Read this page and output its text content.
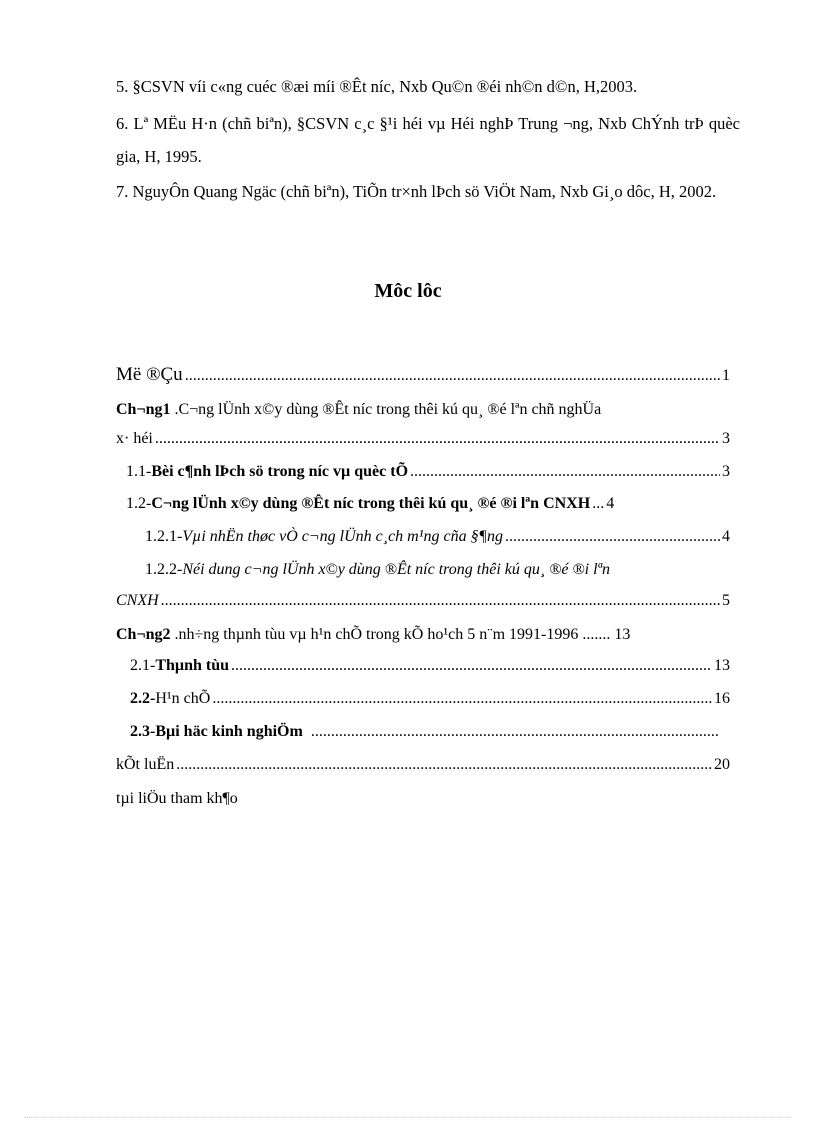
5. §CSVN víi c«ng cuéc ®æi míi ®Êt níc, Nxb Qu©n ®éi nh©n d©n, H,2003.
6. Lª MËu H·n (chñ biªn), §CSVN c¸c §¹i héi vµ Héi nghÞ Trung ¬ng, Nxb ChÝnh trÞ quèc gia, H, 1995.
7. NguyÔn Quang Ngäc (chñ biªn), TiÕn tr×nh lÞch sö ViÖt Nam, Nxb Gi¸o dôc, H, 2002.
Môc lôc
Më ®Çu .....	1
Ch¬ng1 .C¬ng lÜnh x©y dùng ®Êt níc trong thêi kú qu¸ ®é lªn chñ nghÜa
x· héi .....	3
1.1-Bèi c¶nh lÞch sö trong níc vµ quèc tÕ .....	3
1.2-C¬ng lÜnh x©y dùng ®Êt níc trong thêi kú qu¸ ®é ®i lªn CNXH ... 4
1.2.1-Vµi nhËn thøc vÒ c¬ng lÜnh c¸ch m¹ng cña §¶ng .....	4
1.2.2-Néi dung c¬ng lÜnh x©y dùng ®Êt níc trong thêi kú qu¸ ®é ®i lªn
CNXH .....	5
Ch¬ng2 .nh÷ng thµnh tùu vµ h¹n chÕ trong kÕ ho¹ch 5 n¨m 1991-1996 ....... 13
2.1-Thµnh tùu .....	13
2.2-H¹n chÕ .....	16
2.3-Bµi häc kinh nghiÖm
.....
kÕt luËn .....	20
tµi liÖu tham kh¶o
